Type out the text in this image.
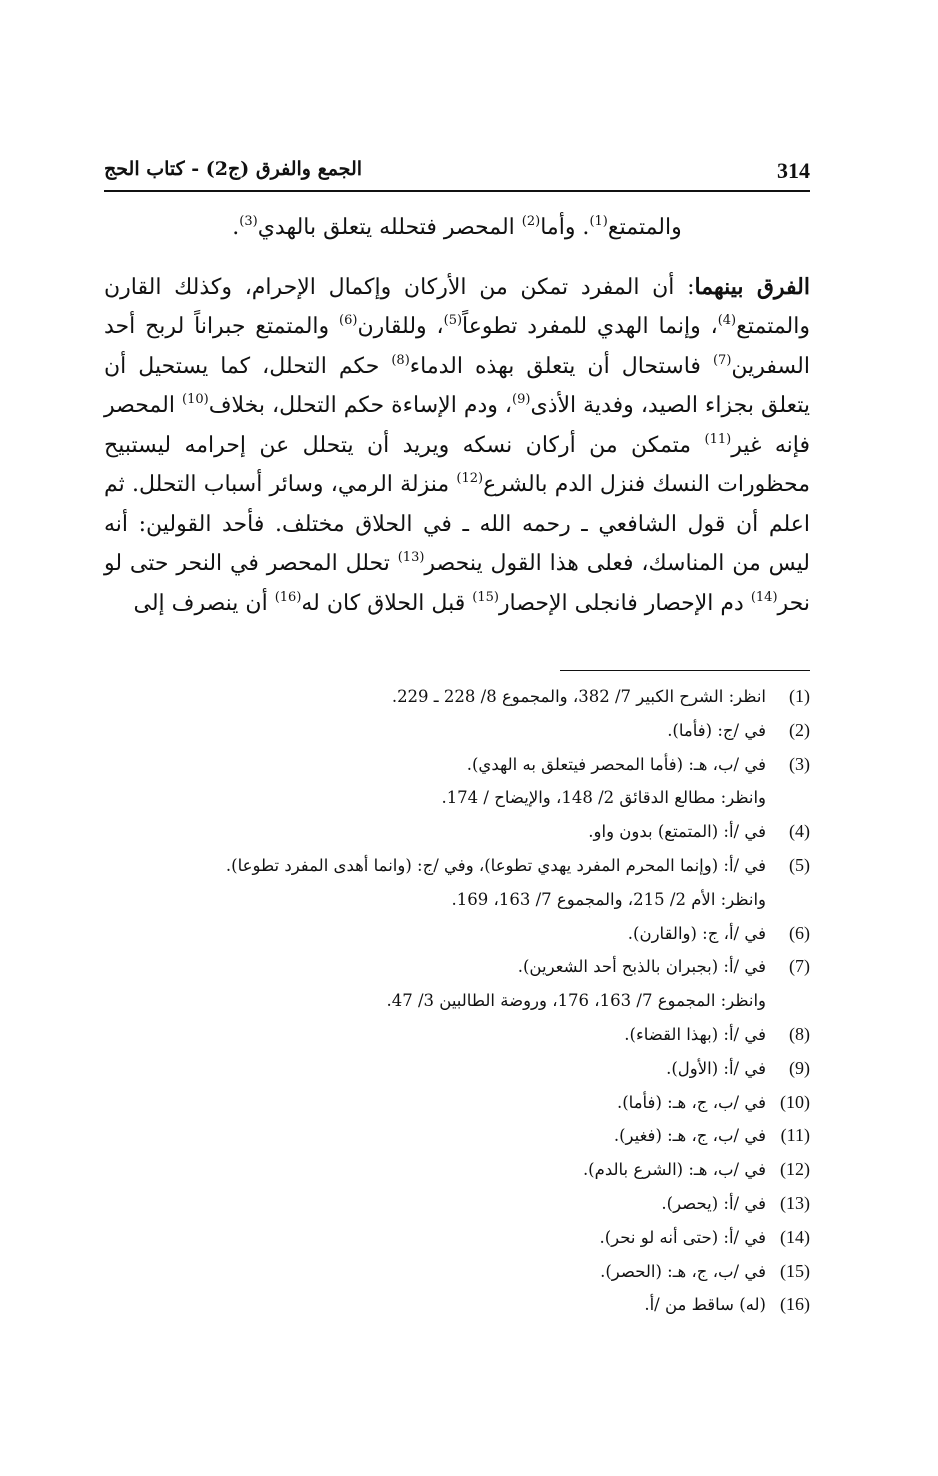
314
الجمع والفرق (ج2) - كتاب الحج

والمتمتع$^{(1)}$. وأما$^{(2)}$ المحصر فتحلله يتعلق بالهدي$^{(3)}$.

الفرق بينهما: أن المفرد تمكن من الأركان وإكمال الإحرام، وكذلك القارن والمتمتع$^{(4)}$، وإنما الهدي للمفرد تطوعاً$^{(5)}$، وللقارن$^{(6)}$ والمتمتع جبراناً لربح أحد السفرين$^{(7)}$ فاستحال أن يتعلق بهذه الدماء$^{(8)}$ حكم التحلل، كما يستحيل أن يتعلق بجزاء الصيد، وفدية الأذى$^{(9)}$، ودم الإساءة حكم التحلل، بخلاف$^{(10)}$ المحصر فإنه غير$^{(11)}$ متمكن من أركان نسكه ويريد أن يتحلل عن إحرامه ليستبيح محظورات النسك فنزل الدم بالشرع$^{(12)}$ منزلة الرمي، وسائر أسباب التحلل. ثم اعلم أن قول الشافعي ـ رحمه الله ـ في الحلاق مختلف. فأحد القولين: أنه ليس من المناسك، فعلى هذا القول ينحصر$^{(13)}$ تحلل المحصر في النحر حتى لو نحر$^{(14)}$ دم الإحصار فانجلى الإحصار$^{(15)}$ قبل الحلاق كان له$^{(16)}$ أن ينصرف إلى

(1)
انظر: الشرح الكبير 7/ 382، والمجموع 8/ 228 ـ 229.
(2)
في /ج: (فأما).
(3)
في /ب، هـ: (فأما المحصر فيتعلق به الهدي).
وانظر: مطالع الدقائق 2/ 148، والإيضاح / 174.
(4)
في /أ: (المتمتع) بدون واو.
(5)
في /أ: (وإنما المحرم المفرد يهدي تطوعا)، وفي /ج: (وانما أهدى المفرد تطوعا).
وانظر: الأم 2/ 215، والمجموع 7/ 163، 169.
(6)
في /أ، ج: (والقارن).
(7)
في /أ: (بجبران بالذبح أحد الشعرين).
وانظر: المجموع 7/ 163، 176، وروضة الطالبين 3/ 47.
(8)
في /أ: (بهذا القضاء).
(9)
في /أ: (الأول).
(10)
في /ب، ج، هـ: (فأما).
(11)
في /ب، ج، هـ: (فغير).
(12)
في /ب، هـ: (الشرع بالدم).
(13)
في /أ: (يحصر).
(14)
في /أ: (حتى أنه لو نحر).
(15)
في /ب، ج، هـ: (الحصر).
(16)
(له) ساقط من /أ.
